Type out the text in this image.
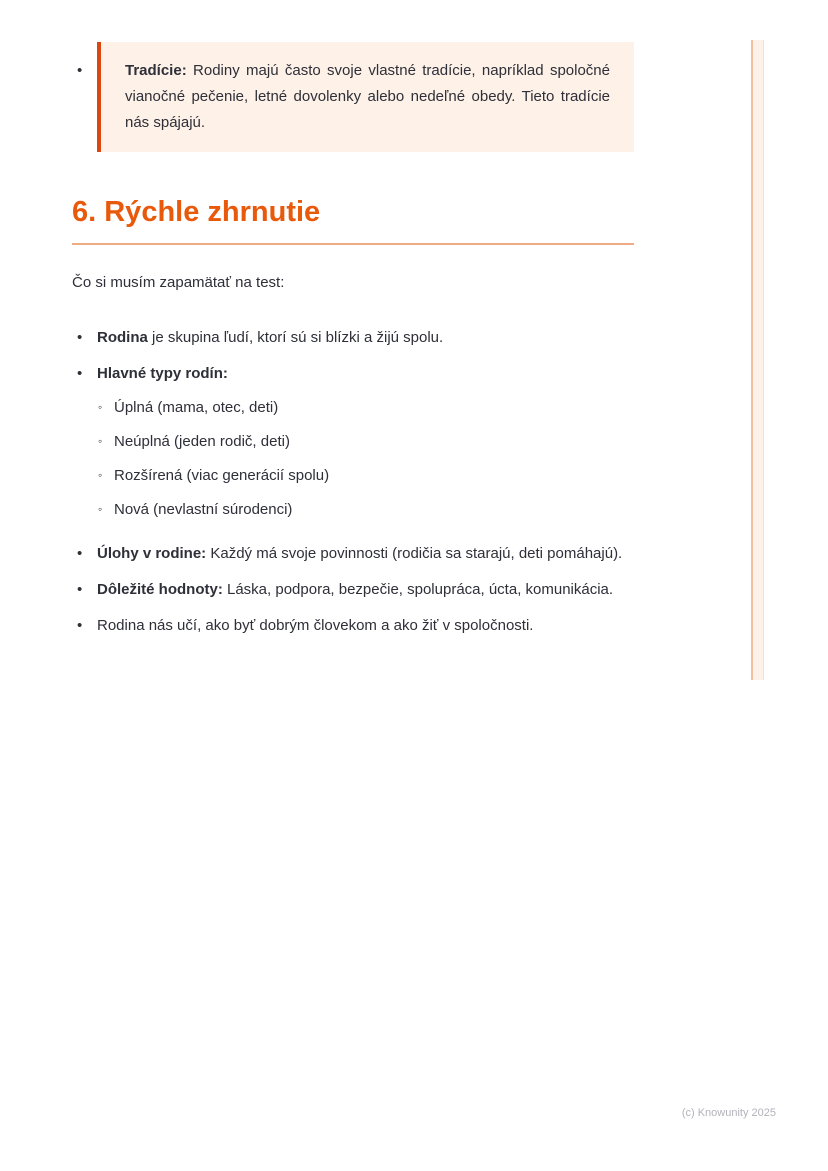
•	Tradície: Rodiny majú často svoje vlastné tradície, napríklad spoločné vianočné pečenie, letné dovolenky alebo nedeľné obedy. Tieto tradície nás spájajú.

6. Rýchle zhrnutie

Čo si musím zapamätať na test:

• Rodina je skupina ľudí, ktorí sú si blízki a žijú spolu.

• Hlavné typy rodín:

◦ Úplná (mama, otec, deti)
◦ Neúplná (jeden rodič, deti)
◦ Rozšírená (viac generácií spolu)
◦ Nová (nevlastní súrodenci)
• Úlohy v rodine: Každý má svoje povinnosti (rodičia sa starajú, deti pomáhajú).

• Dôležité hodnoty: Láska, podpora, bezpečie, spolupráca, úcta, komunikácia.

• Rodina nás učí, ako byť dobrým človekom a ako žiť v spoločnosti.

(c) Knowunity 2025
